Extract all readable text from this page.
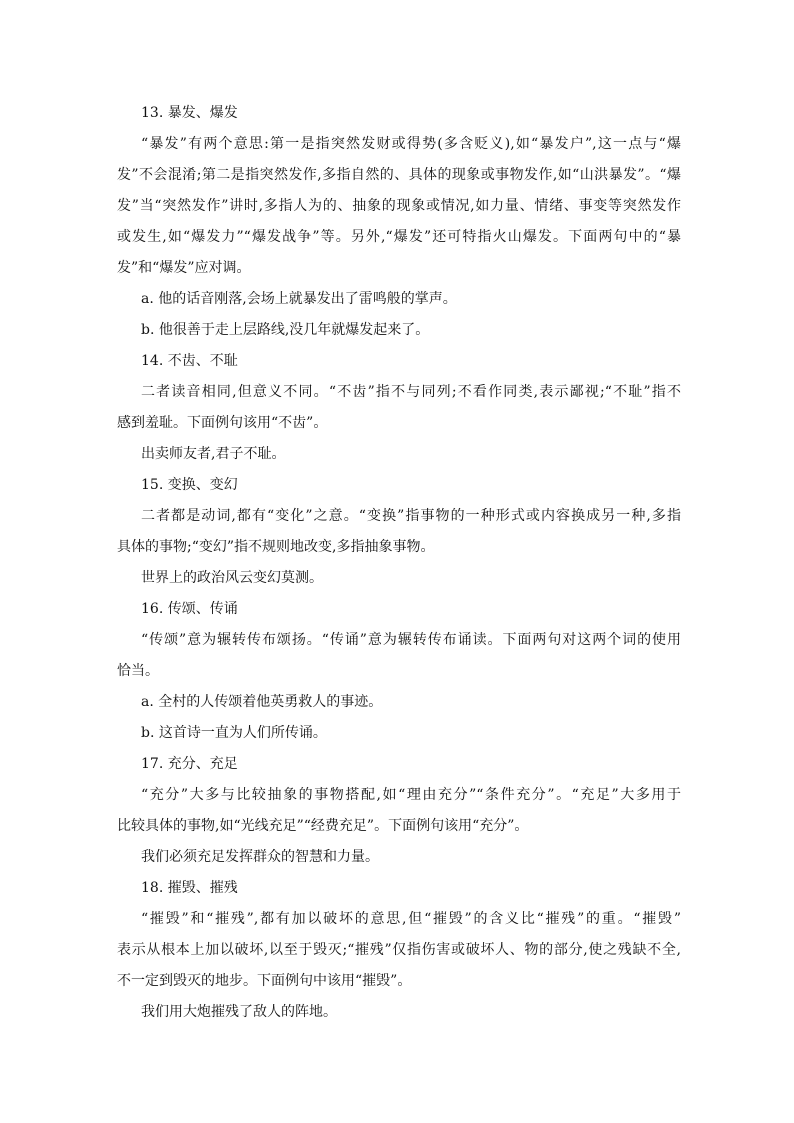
13. 暴发、爆发

“暴发”有两个意思:第一是指突然发财或得势(多含贬义),如“暴发户”,这一点与“爆

发”不会混淆;第二是指突然发作,多指自然的、具体的现象或事物发作,如“山洪暴发”。“爆

发”当“突然发作”讲时,多指人为的、抽象的现象或情况,如力量、情绪、事变等突然发作

或发生,如“爆发力”“爆发战争”等。另外,“爆发”还可特指火山爆发。下面两句中的“暴

发”和“爆发”应对调。

a. 他的话音刚落,会场上就暴发出了雷鸣般的掌声。

b. 他很善于走上层路线,没几年就爆发起来了。

14. 不齿、不耻

二者读音相同,但意义不同。“不齿”指不与同列;不看作同类,表示鄙视;“不耻”指不

感到羞耻。下面例句该用“不齿”。

出卖师友者,君子不耻。

15. 变换、变幻

二者都是动词,都有“变化”之意。“变换”指事物的一种形式或内容换成另一种,多指

具体的事物;“变幻”指不规则地改变,多指抽象事物。

世界上的政治风云变幻莫测。

16. 传颂、传诵

“传颂”意为辗转传布颂扬。“传诵”意为辗转传布诵读。下面两句对这两个词的使用

恰当。

a. 全村的人传颂着他英勇救人的事迹。

b. 这首诗一直为人们所传诵。

17. 充分、充足

“充分”大多与比较抽象的事物搭配,如“理由充分”“条件充分”。“充足”大多用于

比较具体的事物,如“光线充足”“经费充足”。下面例句该用“充分”。

我们必须充足发挥群众的智慧和力量。

18. 摧毁、摧残

“摧毁”和“摧残”,都有加以破坏的意思,但“摧毁”的含义比“摧残”的重。“摧毁”

表示从根本上加以破坏,以至于毁灭;“摧残”仅指伤害或破坏人、物的部分,使之残缺不全,

不一定到毁灭的地步。下面例句中该用“摧毁”。

我们用大炮摧残了敌人的阵地。
